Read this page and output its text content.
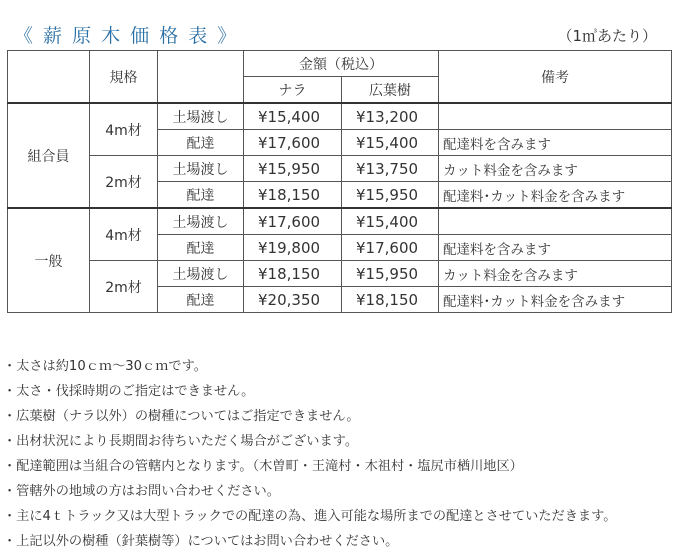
《 薪 原 木 価 格 表 》	（1㎥あたり）
	規格		金額（税込）		備考
			ナラ	広葉樹	
組合員	4m材	土場渡し	¥15,400	¥13,200	
		配達	¥17,600	¥15,400	配達料を含みます
	2m材	土場渡し	¥15,950	¥13,750	カット料金を含みます
		配達	¥18,150	¥15,950	配達料･カット料金を含みます
一般	4m材	土場渡し	¥17,600	¥15,400	
		配達	¥19,800	¥17,600	配達料を含みます
	2m材	土場渡し	¥18,150	¥15,950	カット料金を含みます
		配達	¥20,350	¥18,150	配達料･カット料金を含みます
・太さは約10ｃｍ～30ｃｍです。
・太さ・伐採時期のご指定はできません。
・広葉樹（ナラ以外）の樹種についてはご指定できません。
・出材状況により長期間お待ちいただく場合がございます。
・配達範囲は当組合の管轄内となります。（木曽町・王滝村・木祖村・塩尻市楢川地区）
・管轄外の地域の方はお問い合わせください。
・主に4ｔトラック又は大型トラックでの配達の為、進入可能な場所までの配達とさせていただきます。
・上記以外の樹種（針葉樹等）についてはお問い合わせください。
